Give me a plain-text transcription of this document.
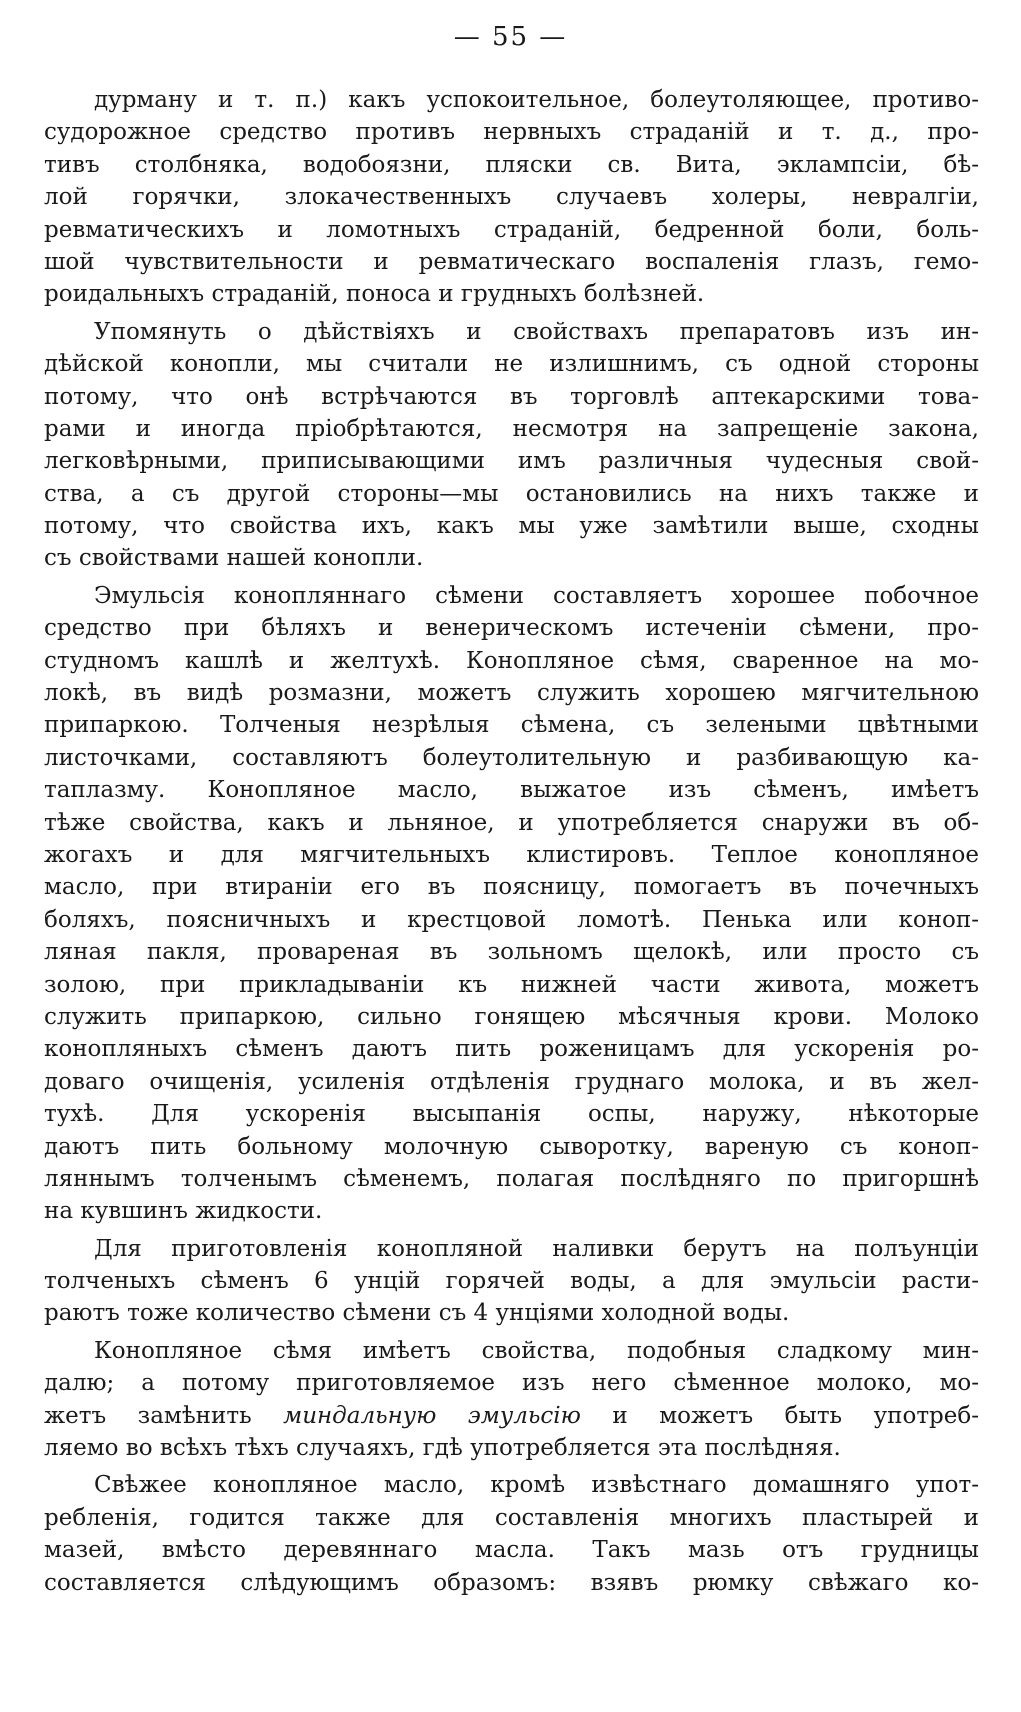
— 55 —
дурману и т. п.) какъ успокоительное, болеутоляющее, противо-
судорожное средство противъ нервныхъ страданій и т. д., про-
тивъ столбняка, водобоязни, пляски св. Вита, эклампсіи, бѣ-
лой горячки, злокачественныхъ случаевъ холеры, невралгіи,
ревматическихъ и ломотныхъ страданій, бедренной боли, боль-
шой чувствительности и ревматическаго воспаленія глазъ, гемо-
роидальныхъ страданій, поноса и грудныхъ болѣзней.
Упомянуть о дѣйствіяхъ и свойствахъ препаратовъ изъ ин-
дѣйской конопли, мы считали не излишнимъ, съ одной стороны
потому, что онѣ встрѣчаются въ торговлѣ аптекарскими това-
рами и иногда пріобрѣтаются, несмотря на запрещеніе закона,
легковѣрными, приписывающими имъ различныя чудесныя свой-
ства, а съ другой стороны—мы остановились на нихъ также и
потому, что свойства ихъ, какъ мы уже замѣтили выше, сходны
съ свойствами нашей конопли.
Эмульсія конопляннаго сѣмени составляетъ хорошее побочное
средство при бѣляхъ и венерическомъ истеченіи сѣмени, про-
студномъ кашлѣ и желтухѣ. Конопляное сѣмя, сваренное на мо-
локѣ, въ видѣ розмазни, можетъ служить хорошею мягчительною
припаркою. Толченыя незрѣлыя сѣмена, съ зелеными цвѣтными
листочками, составляютъ болеутолительную и разбивающую ка-
таплазму. Конопляное масло, выжатое изъ сѣменъ, имѣетъ
тѣже свойства, какъ и льняное, и употребляется снаружи въ об-
жогахъ и для мягчительныхъ клистировъ. Теплое конопляное
масло, при втираніи его въ поясницу, помогаетъ въ почечныхъ
боляхъ, поясничныхъ и крестцовой ломотѣ. Пенька или коноп-
ляная пакля, провареная въ зольномъ щелокѣ, или просто съ
золою, при прикладываніи къ нижней части живота, можетъ
служить припаркою, сильно гонящею мѣсячныя крови. Молоко
конопляныхъ сѣменъ даютъ пить роженицамъ для ускоренія ро-
доваго очищенія, усиленія отдѣленія груднаго молока, и въ жел-
тухѣ. Для ускоренія высыпанія оспы, наружу, нѣкоторые
даютъ пить больному молочную сыворотку, вареную съ коноп-
ляннымъ толченымъ сѣменемъ, полагая послѣдняго по пригоршнѣ
на кувшинъ жидкости.
Для приготовленія конопляной наливки берутъ на полъунціи
толченыхъ сѣменъ 6 унцій горячей воды, а для эмульсіи расти-
раютъ тоже количество сѣмени съ 4 унціями холодной воды.
Конопляное сѣмя имѣетъ свойства, подобныя сладкому мин-
далю; а потому приготовляемое изъ него сѣменное молоко, мо-
жетъ замѣнить миндальную эмульсію и можетъ быть употреб-
ляемо во всѣхъ тѣхъ случаяхъ, гдѣ употребляется эта послѣдняя.
Свѣжее конопляное масло, кромѣ извѣстнаго домашняго упот-
ребленія, годится также для составленія многихъ пластырей и
мазей, вмѣсто деревяннаго масла. Такъ мазь отъ грудницы
составляется слѣдующимъ образомъ: взявъ рюмку свѣжаго ко-
